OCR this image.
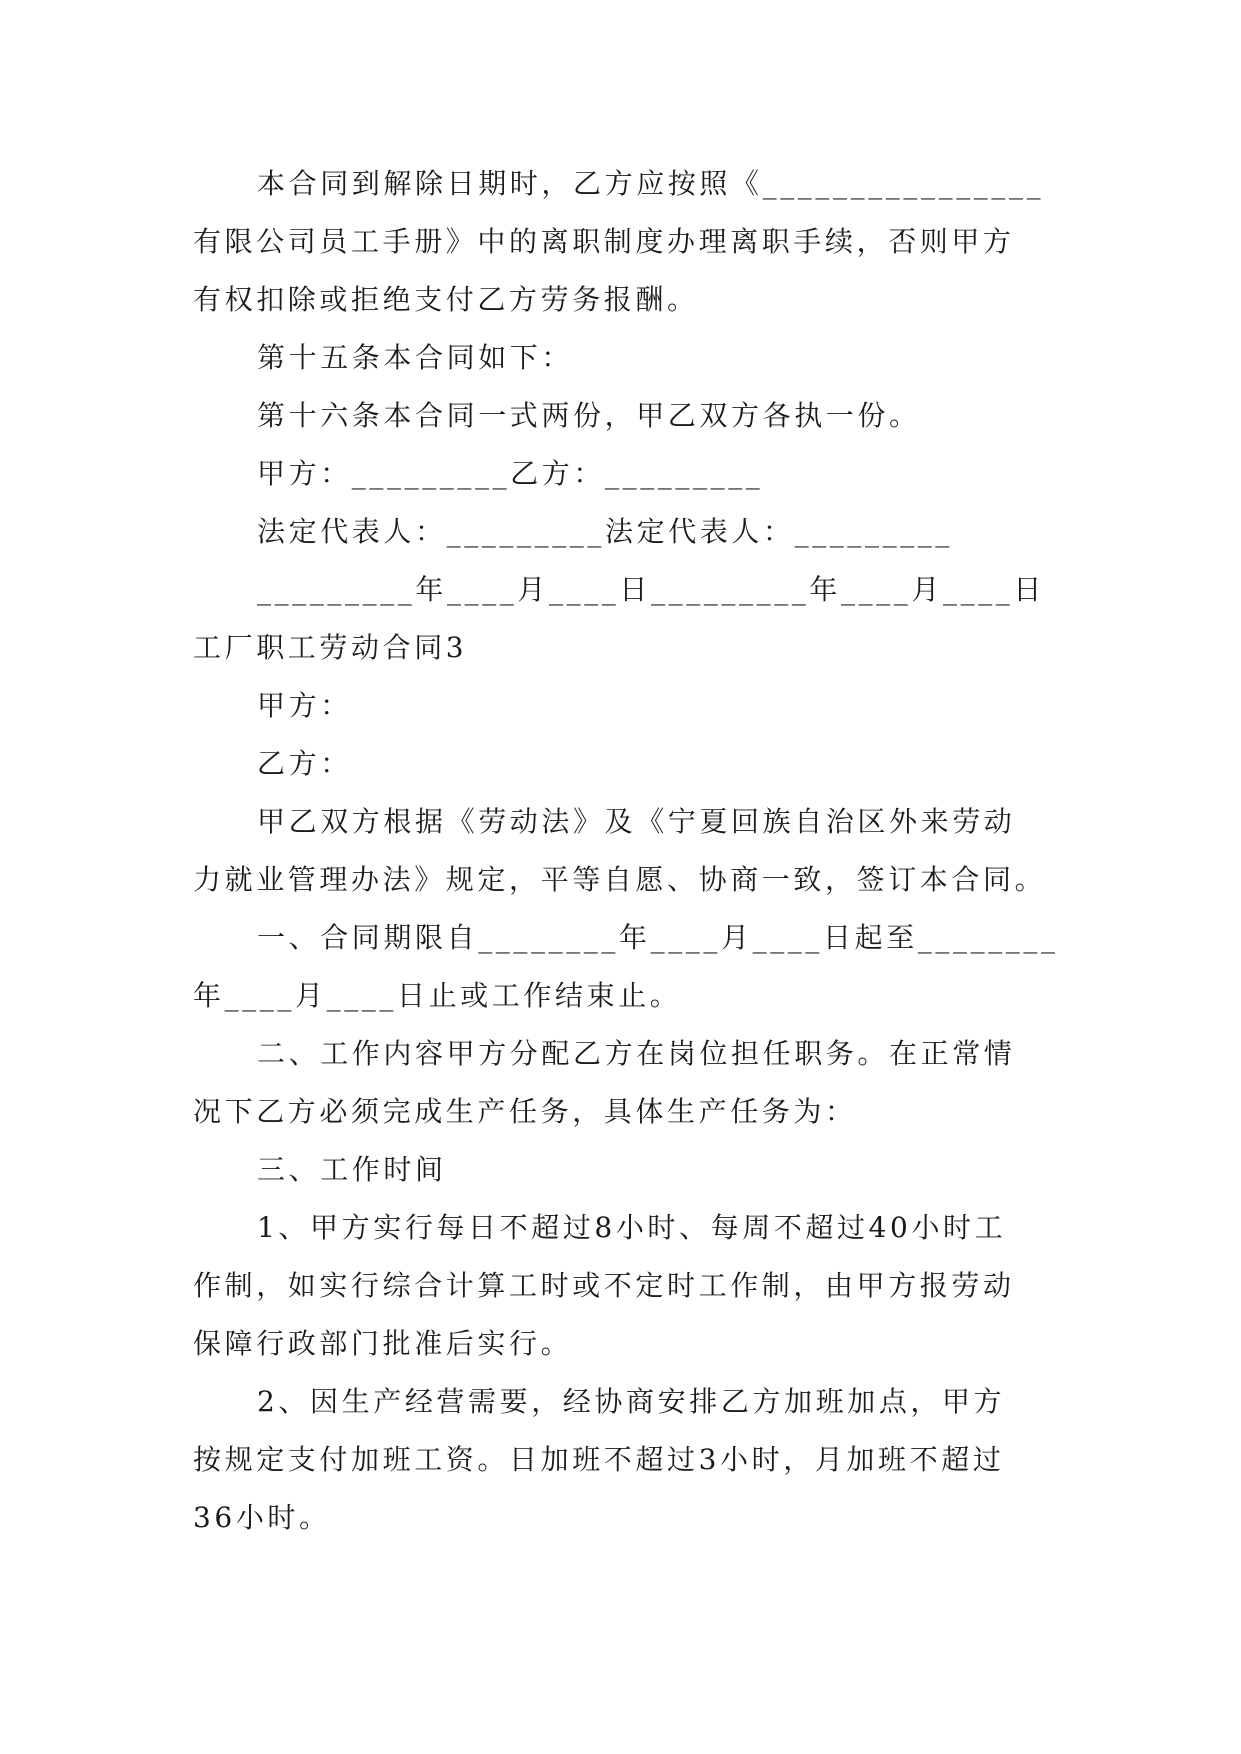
本合同到解除日期时，乙方应按照《________________
有限公司员工手册》中的离职制度办理离职手续，否则甲方
有权扣除或拒绝支付乙方劳务报酬。
第十五条本合同如下：
第十六条本合同一式两份，甲乙双方各执一份。
甲方：_________乙方：_________
法定代表人：_________法定代表人：_________
_________年____月____日_________年____月____日
工厂职工劳动合同3
甲方：
乙方：
甲乙双方根据《劳动法》及《宁夏回族自治区外来劳动
力就业管理办法》规定，平等自愿、协商一致，签订本合同。
一、合同期限自________年____月____日起至________
年____月____日止或工作结束止。
二、工作内容甲方分配乙方在岗位担任职务。在正常情
况下乙方必须完成生产任务，具体生产任务为：
三、工作时间
1、甲方实行每日不超过8小时、每周不超过40小时工
作制，如实行综合计算工时或不定时工作制，由甲方报劳动
保障行政部门批准后实行。
2、因生产经营需要，经协商安排乙方加班加点，甲方
按规定支付加班工资。日加班不超过3小时，月加班不超过
36小时。
